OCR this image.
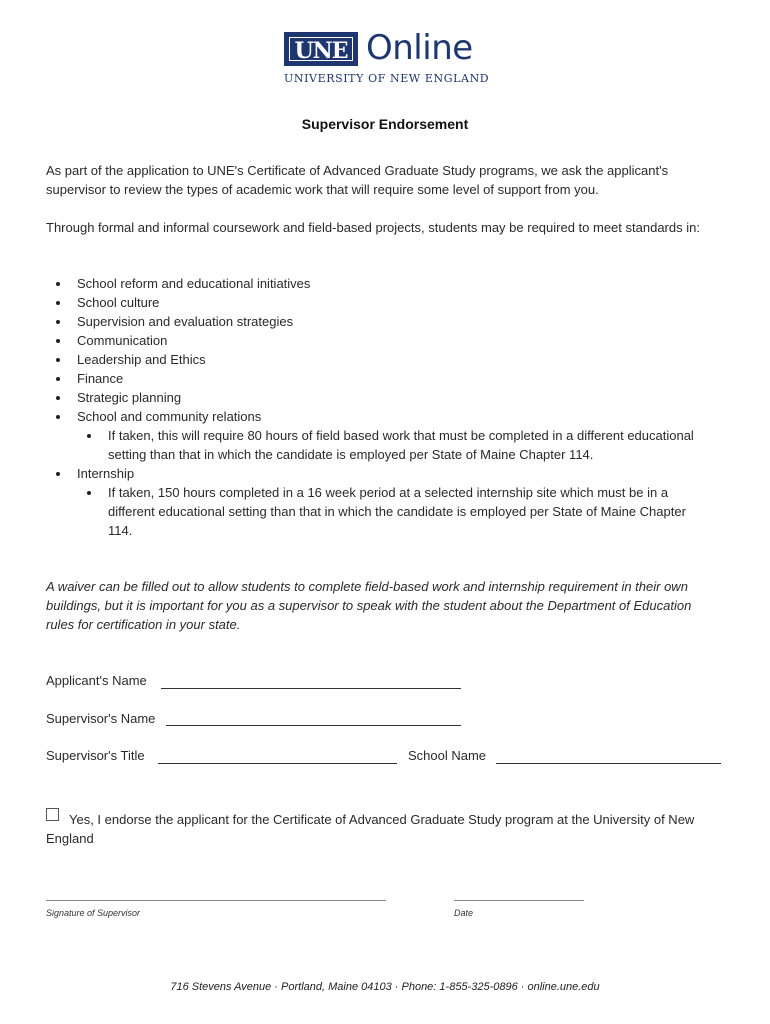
UNE Online
UNIVERSITY OF NEW ENGLAND
Supervisor Endorsement
As part of the application to UNE's Certificate of Advanced Graduate Study programs, we ask the applicant's supervisor to review the types of academic work that will require some level of support from you.
Through formal and informal coursework and field-based projects, students may be required to meet standards in:
School reform and educational initiatives
School culture
Supervision and evaluation strategies
Communication
Leadership and Ethics
Finance
Strategic planning
School and community relations
If taken, this will require 80 hours of field based work that must be completed in a different educational setting than that in which the candidate is employed per State of Maine Chapter 114.
Internship
If taken, 150 hours completed in a 16 week period at a selected internship site which must be in a different educational setting than that in which the candidate is employed per State of Maine Chapter 114.
A waiver can be filled out to allow students to complete field-based work and internship requirement in their own buildings, but it is important for you as a supervisor to speak with the student about the Department of Education rules for certification in your state.
Applicant's Name
Supervisor's Name
Supervisor's Title	School Name
Yes, I endorse the applicant for the Certificate of Advanced Graduate Study program at the University of New England
Signature of Supervisor	Date
716 Stevens Avenue · Portland, Maine 04103 · Phone: 1-855-325-0896 · online.une.edu
